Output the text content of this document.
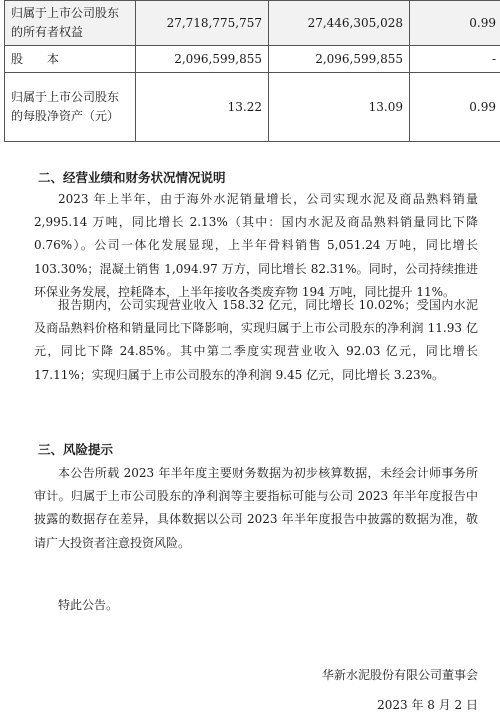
归属于上市公司股东的所有者权益	27,718,775,757	27,446,305,028	0.99
股　　本	2,096,599,855	2,096,599,855	-
归属于上市公司股东的每股净资产（元）	13.22	13.09	0.99
二、经营业绩和财务状况情况说明

2023 年上半年，由于海外水泥销量增长，公司实现水泥及商品熟料销量 2,995.14 万吨，同比增长 2.13%（其中：国内水泥及商品熟料销量同比下降 0.76%）。公司一体化发展显现，上半年骨料销售 5,051.24 万吨，同比增长 103.30%；混凝土销售 1,094.97 万方，同比增长 82.31%。同时，公司持续推进环保业务发展，控耗降本，上半年接收各类废弃物 194 万吨，同比提升 11%。

报告期内，公司实现营业收入 158.32 亿元，同比增长 10.02%；受国内水泥及商品熟料价格和销量同比下降影响，实现归属于上市公司股东的净利润 11.93 亿元，同比下降 24.85%。其中第二季度实现营业收入 92.03 亿元，同比增长 17.11%；实现归属于上市公司股东的净利润 9.45 亿元，同比增长 3.23%。

三、风险提示

本公告所载 2023 年半年度主要财务数据为初步核算数据，未经会计师事务所审计。归属于上市公司股东的净利润等主要指标可能与公司 2023 年半年度报告中披露的数据存在差异，具体数据以公司 2023 年半年度报告中披露的数据为准，敬请广大投资者注意投资风险。

特此公告。

华新水泥股份有限公司董事会
2023 年 8 月 2 日
